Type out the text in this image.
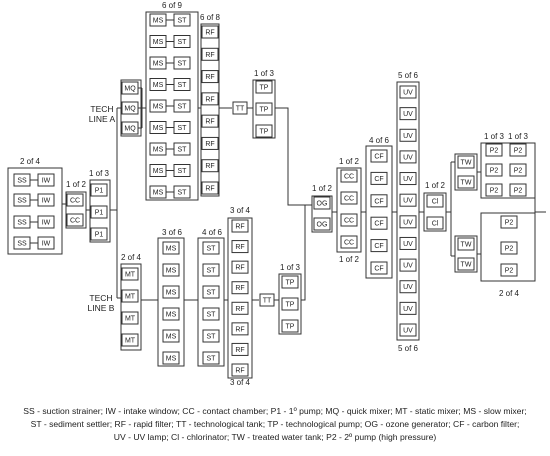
SS
SS
SS
SS
IW
IW
IW
IW
CC
CC
P1
P1
P1
MQ
MQ
MQ
MS
MS
MS
MS
MS
MS
MS
MS
MS
ST
ST
ST
ST
ST
ST
ST
ST
ST
RF
RF
RF
RF
RF
RF
RF
RF
TT
TP
TP
TP
MT
MT
MT
MT
MS
MS
MS
MS
MS
MS
ST
ST
ST
ST
ST
ST
RF
RF
RF
RF
RF
RF
RF
RF
TT
TP
TP
TP
OG
OG
CC
CC
CC
CC
CF
CF
CF
CF
CF
CF
UV
UV
UV
UV
UV
UV
UV
UV
UV
UV
UV
UV
Cl
Cl
TW
TW
TW
TW
P2
P2
P2
P2
P2
P2
P2
P2
P2
2 of 4
1 of 2
1 of 3
TECH
LINE A
6 of 9
6 of 8
1 of 3
TECH
LINE B
2 of 4
3 of 6 4 of 6
3 of 4
3 of 4
1 of 3
1 of 2
1 of 2
1 of 2
4 of 6
5 of 6
5 of 6
1 of 2
1 of 3 1 of 3
2 of 4
SS - suction strainer; IW - intake window; CC - contact chamber; P1 - 1º pump; MQ - quick mixer; MT - static mixer; MS - slow mixer;
ST - sediment settler; RF - rapid filter; TT - technological tank; TP - technological pump; OG - ozone generator; CF - carbon filter;
UV - UV lamp; Cl - chlorinator; TW - treated water tank; P2 - 2º pump (high pressure)
